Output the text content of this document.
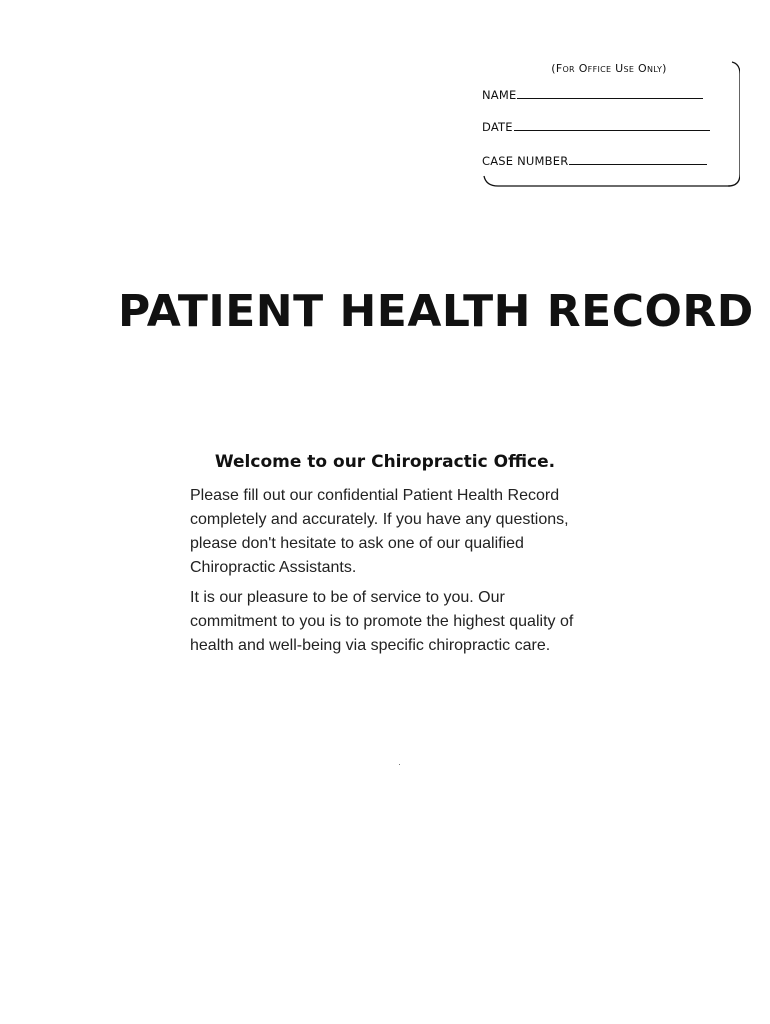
(For Office Use Only)
NAME
DATE
CASE NUMBER
PATIENT HEALTH RECORD
Welcome to our Chiropractic Office.

Please fill out our confidential Patient Health Record completely and accurately. If you have any questions, please don't hesitate to ask one of our qualified Chiropractic Assistants.

It is our pleasure to be of service to you. Our commitment to you is to promote the highest quality of health and well-being via specific chiropractic care.
